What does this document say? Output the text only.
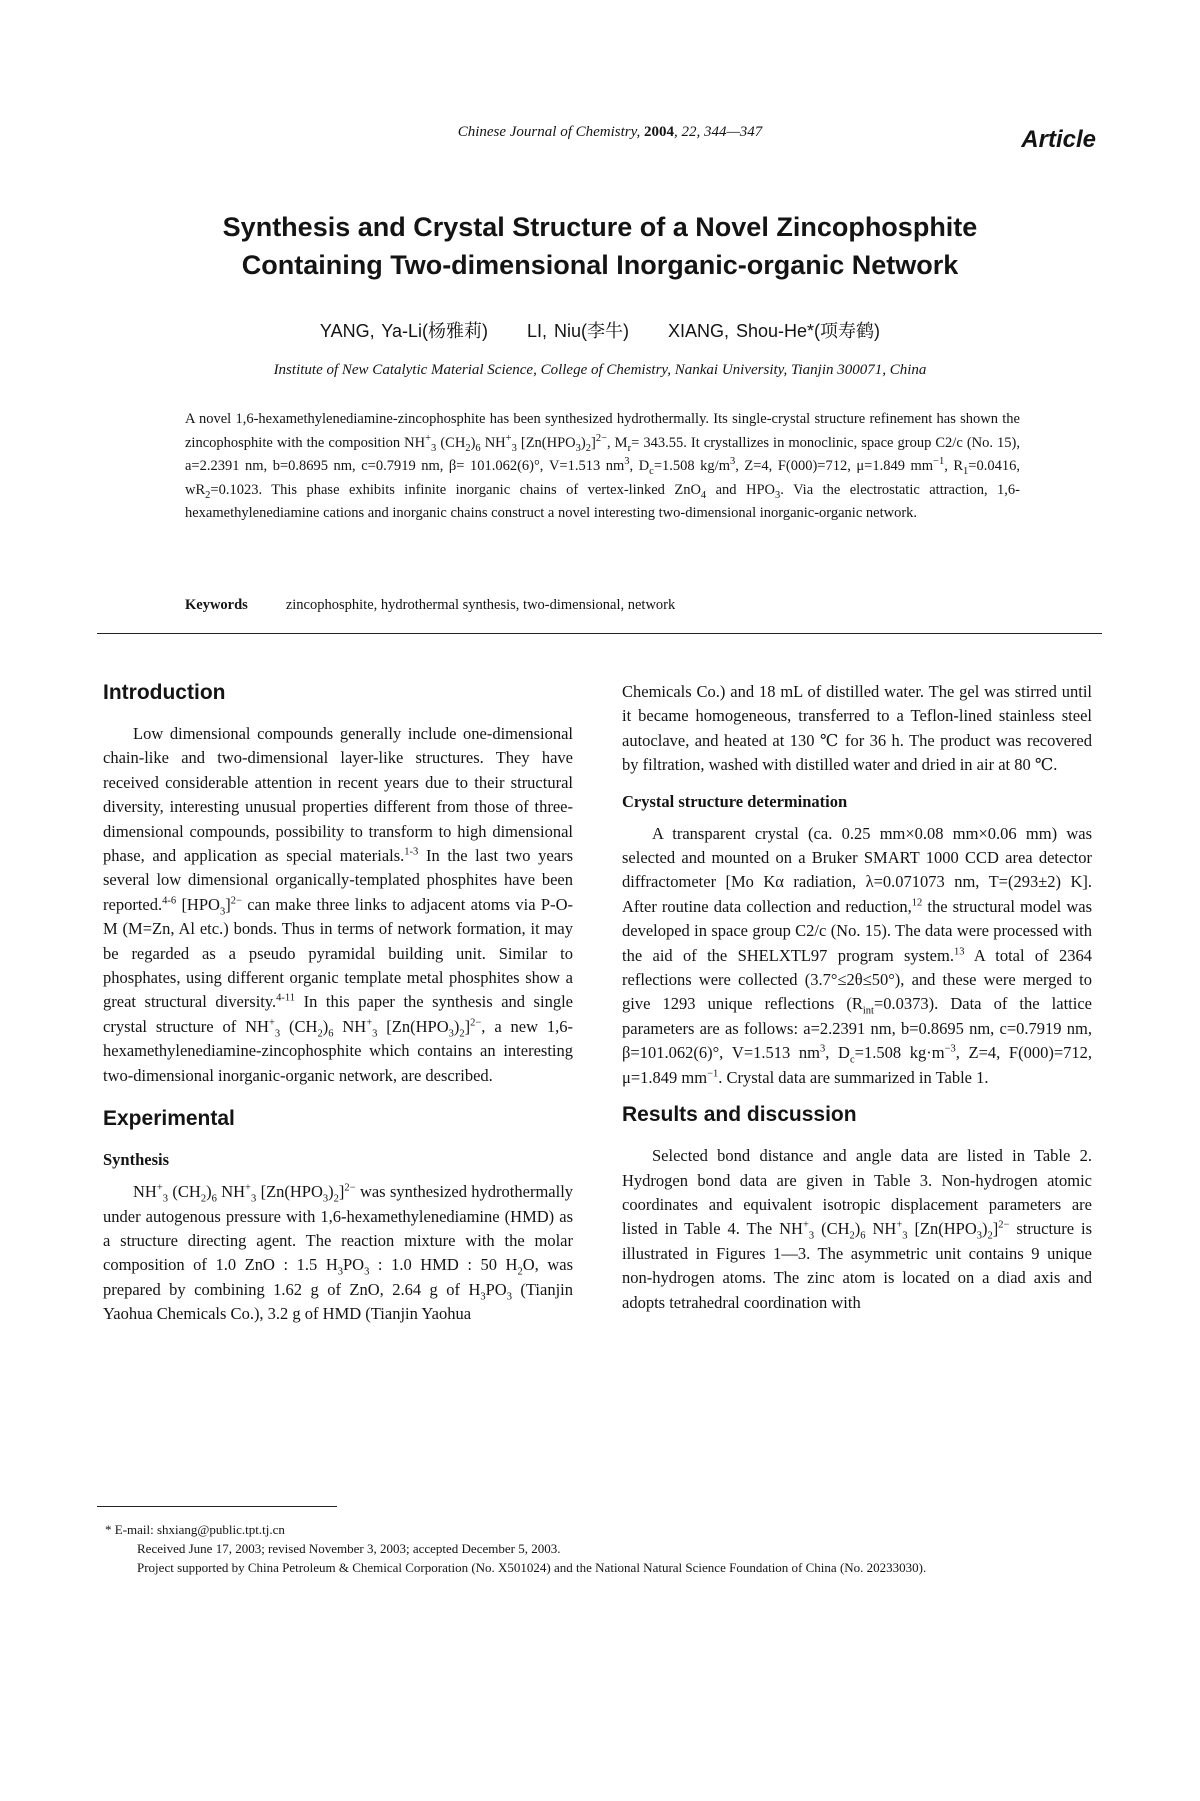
Chinese Journal of Chemistry, 2004, 22, 344—347	Article
Synthesis and Crystal Structure of a Novel Zincophosphite
Containing Two-dimensional Inorganic-organic Network
YANG, Ya-Li(杨雅莉) LI, Niu(李牛) XIANG, Shou-He*(项寿鹤)
Institute of New Catalytic Material Science, College of Chemistry, Nankai University, Tianjin 300071, China
A novel 1,6-hexamethylenediamine-zincophosphite has been synthesized hydrothermally. Its single-crystal structure refinement has shown the zincophosphite with the composition $NH^+_3$ $(CH_2)_6$ $NH^+_3$ $[Zn(HPO_3)_2]^{2-}$, $M_r= 343.55$. It crystallizes in monoclinic, space group C2/c (No. 15), a=2.2391 nm, b=0.8695 nm, c=0.7919 nm, β= 101.062(6)°, V=1.513 $nm^3$, $D_c=1.508$ $kg/m^3$, Z=4, F(000)=712, μ=1.849 $mm^{-1}$, $R_1=0.0416$, $wR_2=0.1023$. This phase exhibits infinite inorganic chains of vertex-linked ZnO$_4$ and $HPO_3$. Via the electrostatic attraction, 1,6-hexamethylenediamine cations and inorganic chains construct a novel interesting two-dimensional inorganic-organic network.
Keywords	zincophosphite, hydrothermal synthesis, two-dimensional, network
Introduction

Low dimensional compounds generally include one-dimensional chain-like and two-dimensional layer-like structures. They have received considerable attention in recent years due to their structural diversity, interesting unusual properties different from those of three-dimensional compounds, possibility to transform to high dimensional phase, and application as special materials.$^{1-3}$ In the last two years several low dimensional organically-templated phosphites have been reported.$^{4-6}$ $[HPO_3]^{2-}$ can make three links to adjacent atoms via P-O-M (M=Zn, Al etc.) bonds. Thus in terms of network formation, it may be regarded as a pseudo pyramidal building unit. Similar to phosphates, using different organic template metal phosphites show a great structural diversity.$^{4-11}$ In this paper the synthesis and single crystal structure of $NH^+_3$ $(CH_2)_6$ $NH^+_3$ $[Zn(HPO_3)_2]^{2-}$, a new 1,6-hexamethylenediamine-zincophosphite which contains an interesting two-dimensional inorganic-organic network, are described.

Experimental
Synthesis

$NH^+_3$ $(CH_2)_6$ $NH^+_3$ $[Zn(HPO_3)_2]^{2-}$ was synthesized hydrothermally under autogenous pressure with 1,6-hexamethylenediamine (HMD) as a structure directing agent. The reaction mixture with the molar composition of 1.0 ZnO : 1.5 $H_3PO_3$ : 1.0 HMD : 50 $H_2O$, was prepared by combining 1.62 g of ZnO, 2.64 g of $H_3PO_3$ (Tianjin Yaohua Chemicals Co.), 3.2 g of HMD (Tianjin Yaohua

Chemicals Co.) and 18 mL of distilled water. The gel was stirred until it became homogeneous, transferred to a Teflon-lined stainless steel autoclave, and heated at 130 ℃ for 36 h. The product was recovered by filtration, washed with distilled water and dried in air at 80 ℃.

Crystal structure determination

A transparent crystal (ca. 0.25 mm×0.08 mm×0.06 mm) was selected and mounted on a Bruker SMART 1000 CCD area detector diffractometer [Mo Kα radiation, λ=0.071073 nm, T=(293±2) K]. After routine data collection and reduction,$^{12}$ the structural model was developed in space group C2/c (No. 15). The data were processed with the aid of the SHELXTL97 program system.$^{13}$ A total of 2364 reflections were collected (3.7°≤2θ≤50°), and these were merged to give 1293 unique reflections $(R_{int}=0.0373)$. Data of the lattice parameters are as follows: a=2.2391 nm, b=0.8695 nm, c=0.7919 nm, β=101.062(6)°, V=1.513 $nm^3$, $D_c=1.508$ $kg\cdot m^{-3}$, Z=4, F(000)=712, μ=1.849 $mm^{-1}$. Crystal data are summarized in Table 1.

Results and discussion

Selected bond distance and angle data are listed in Table 2. Hydrogen bond data are given in Table 3. Non-hydrogen atomic coordinates and equivalent isotropic displacement parameters are listed in Table 4. The $NH^+_3$ $(CH_2)_6$ $NH^+_3$ $[Zn(HPO_3)_2]^{2-}$ structure is illustrated in Figures 1—3. The asymmetric unit contains 9 unique non-hydrogen atoms. The zinc atom is located on a diad axis and adopts tetrahedral coordination with

* E-mail: shxiang@public.tpt.tj.cn

Received June 17, 2003; revised November 3, 2003; accepted December 5, 2003.

Project supported by China Petroleum & Chemical Corporation (No. X501024) and the National Natural Science Foundation of China (No. 20233030).
